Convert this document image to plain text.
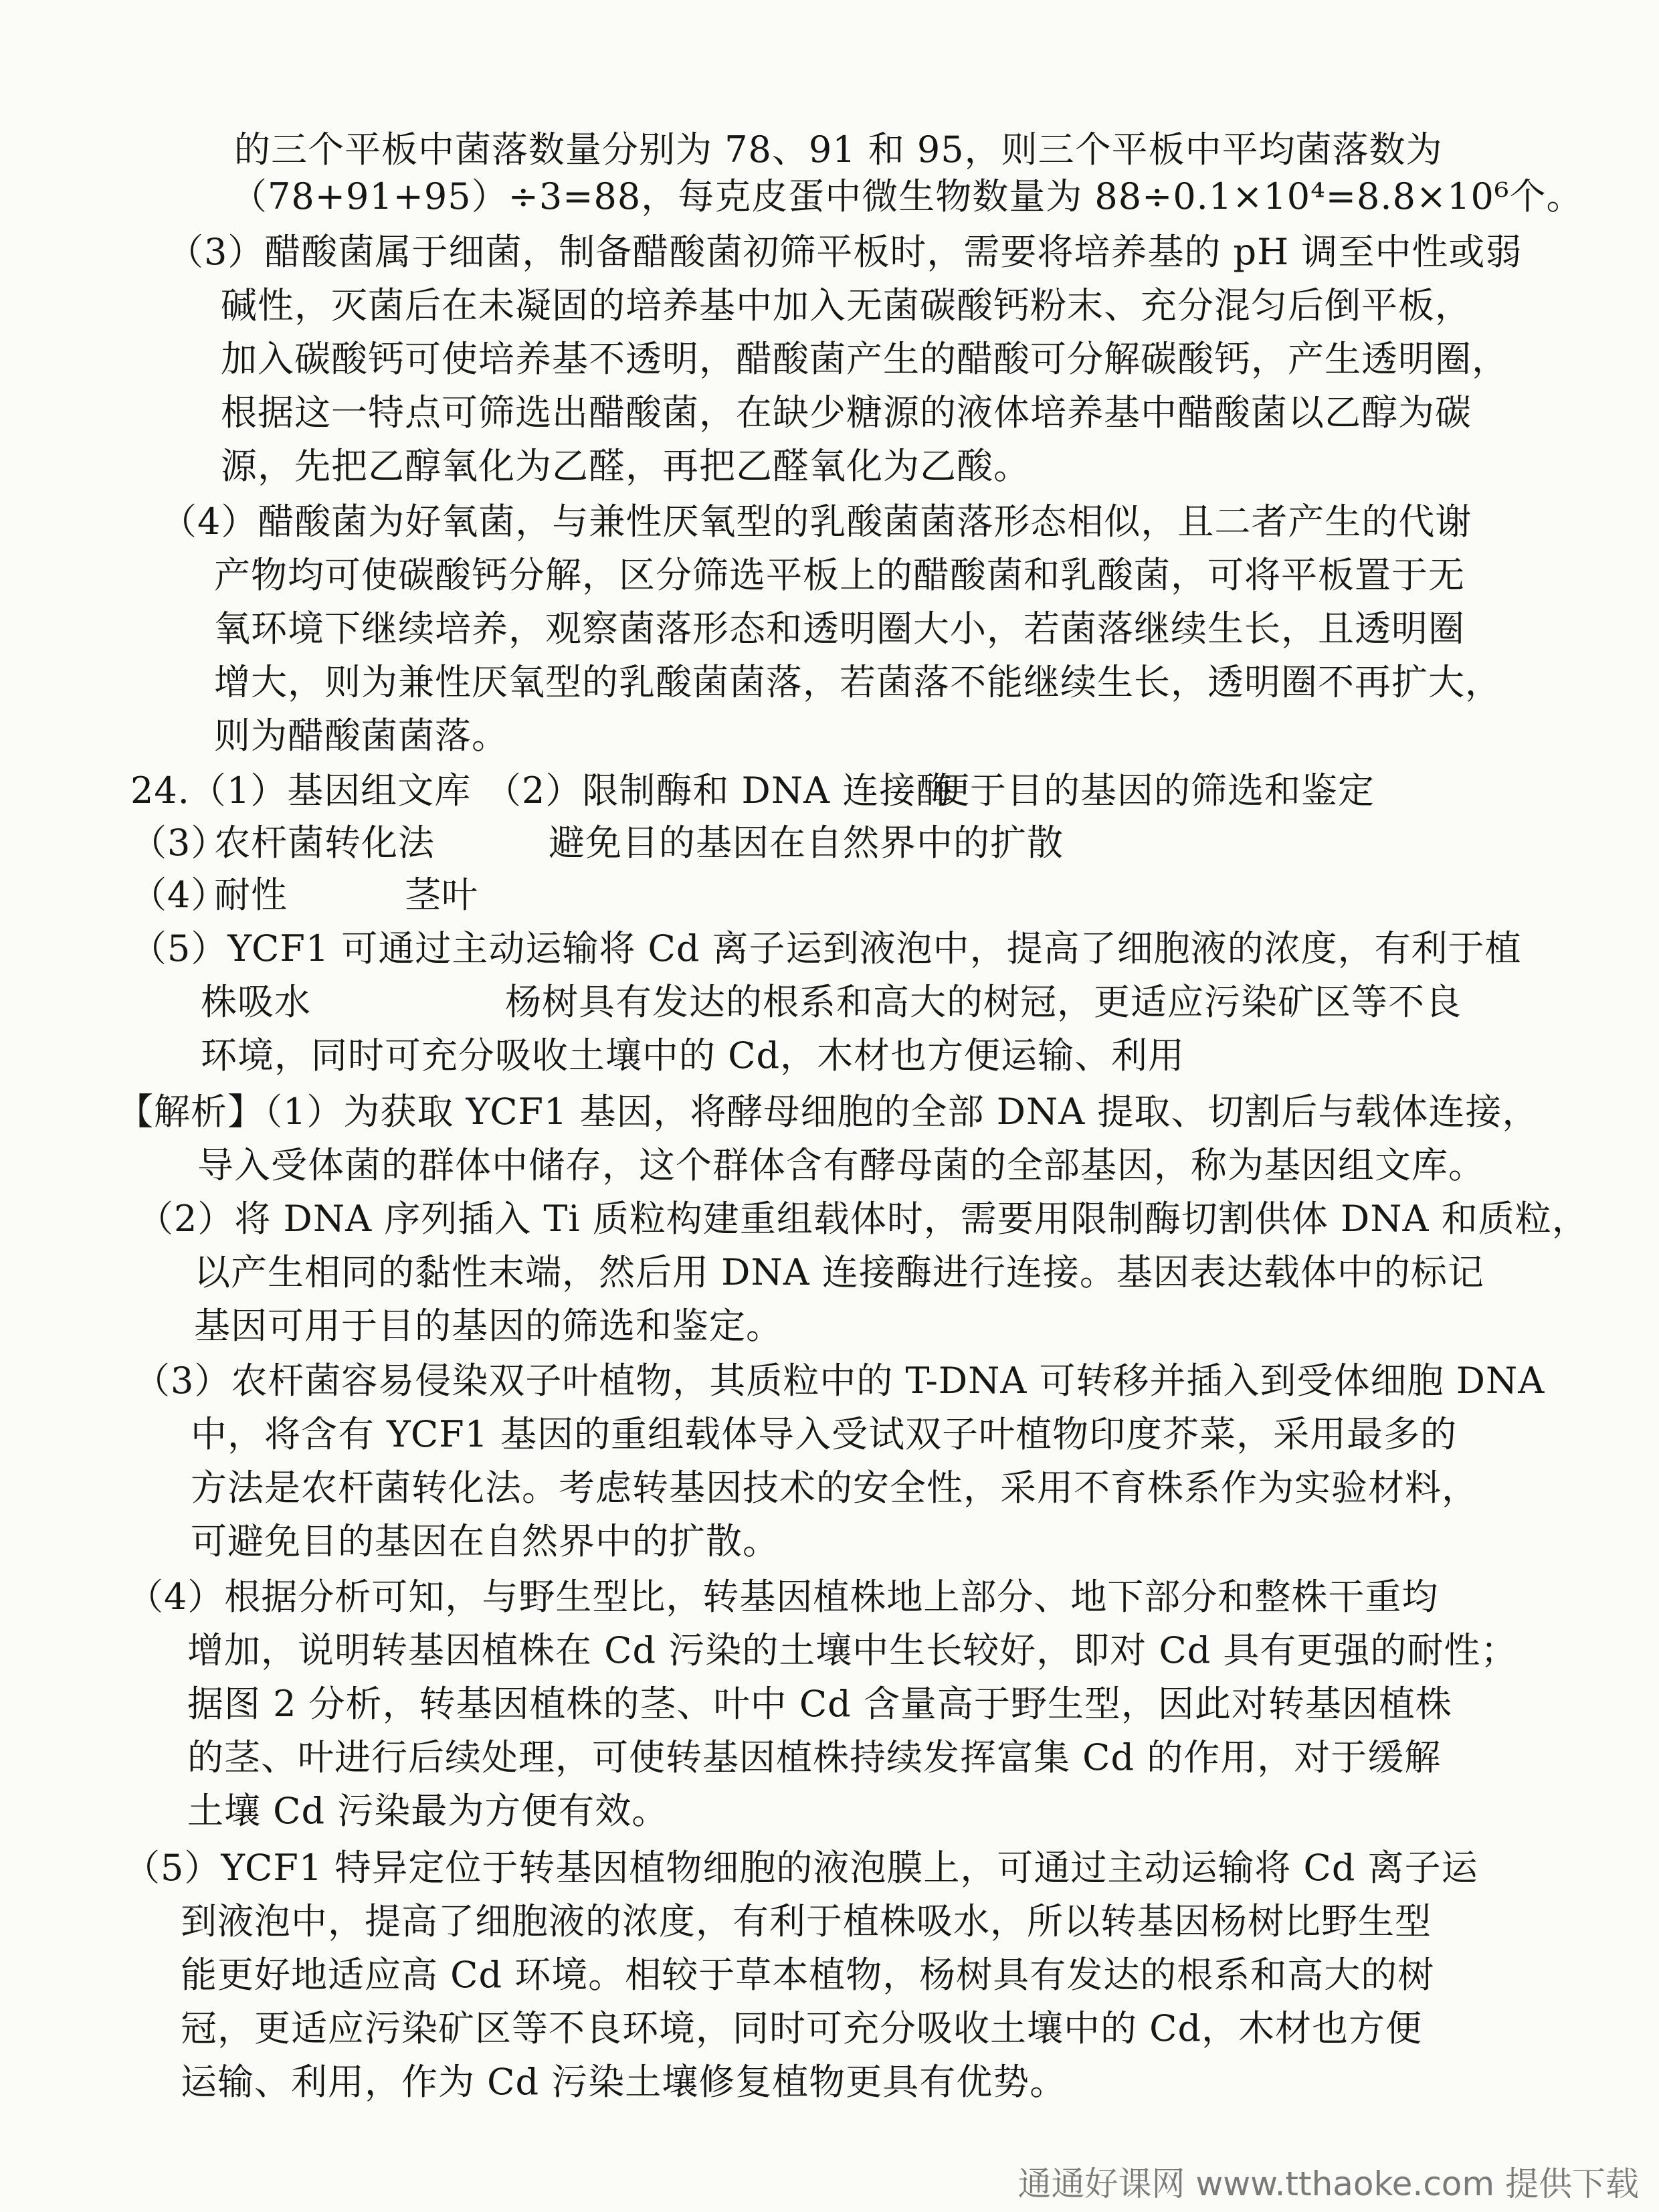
的三个平板中菌落数量分别为 78、91 和 95，则三个平板中平均菌落数为
（78+91+95）÷3=88，每克皮蛋中微生物数量为 88÷0.1×10⁴=8.8×10⁶个。
（3）醋酸菌属于细菌，制备醋酸菌初筛平板时，需要将培养基的 pH 调至中性或弱
碱性，灭菌后在未凝固的培养基中加入无菌碳酸钙粉末、充分混匀后倒平板，
加入碳酸钙可使培养基不透明，醋酸菌产生的醋酸可分解碳酸钙，产生透明圈，
根据这一特点可筛选出醋酸菌，在缺少糖源的液体培养基中醋酸菌以乙醇为碳
源，先把乙醇氧化为乙醛，再把乙醛氧化为乙酸。
（4）醋酸菌为好氧菌，与兼性厌氧型的乳酸菌菌落形态相似，且二者产生的代谢
产物均可使碳酸钙分解，区分筛选平板上的醋酸菌和乳酸菌，可将平板置于无
氧环境下继续培养，观察菌落形态和透明圈大小，若菌落继续生长，且透明圈
增大，则为兼性厌氧型的乳酸菌菌落，若菌落不能继续生长，透明圈不再扩大，
则为醋酸菌菌落。
24.（1）基因组文库 （2）限制酶和 DNA 连接酶
便于目的基因的筛选和鉴定
（3）
农杆菌转化法	避免目的基因在自然界中的扩散
（4）
耐性	茎叶
（5）YCF1 可通过主动运输将 Cd 离子运到液泡中，提高了细胞液的浓度，有利于植
株吸水	杨树具有发达的根系和高大的树冠，更适应污染矿区等不良
环境，同时可充分吸收土壤中的 Cd，木材也方便运输、利用
【解析】（1）为获取 YCF1 基因，将酵母细胞的全部 DNA 提取、切割后与载体连接，
导入受体菌的群体中储存，这个群体含有酵母菌的全部基因，称为基因组文库。
（2）将 DNA 序列插入 Ti 质粒构建重组载体时，需要用限制酶切割供体 DNA 和质粒，
以产生相同的黏性末端，然后用 DNA 连接酶进行连接。基因表达载体中的标记
基因可用于目的基因的筛选和鉴定。
（3）农杆菌容易侵染双子叶植物，其质粒中的 T-DNA 可转移并插入到受体细胞 DNA
中，将含有 YCF1 基因的重组载体导入受试双子叶植物印度芥菜，采用最多的
方法是农杆菌转化法。考虑转基因技术的安全性，采用不育株系作为实验材料，
可避免目的基因在自然界中的扩散。
（4）根据分析可知，与野生型比，转基因植株地上部分、地下部分和整株干重均
增加，说明转基因植株在 Cd 污染的土壤中生长较好，即对 Cd 具有更强的耐性；
据图 2 分析，转基因植株的茎、叶中 Cd 含量高于野生型，因此对转基因植株
的茎、叶进行后续处理，可使转基因植株持续发挥富集 Cd 的作用，对于缓解
土壤 Cd 污染最为方便有效。
（5）YCF1 特异定位于转基因植物细胞的液泡膜上，可通过主动运输将 Cd 离子运
到液泡中，提高了细胞液的浓度，有利于植株吸水，所以转基因杨树比野生型
能更好地适应高 Cd 环境。相较于草本植物，杨树具有发达的根系和高大的树
冠，更适应污染矿区等不良环境，同时可充分吸收土壤中的 Cd，木材也方便
运输、利用，作为 Cd 污染土壤修复植物更具有优势。
通通好课网 www.tthaoke.com 提供下载
